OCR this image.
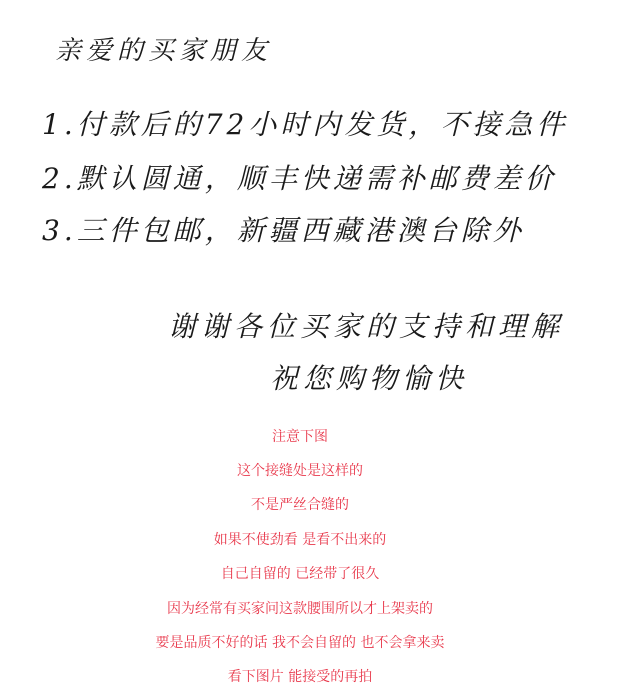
亲爱的买家朋友
1.付款后的72小时内发货，不接急件
2.默认圆通，顺丰快递需补邮费差价
3.三件包邮，新疆西藏港澳台除外
谢谢各位买家的支持和理解
祝您购物愉快
注意下图
这个接缝处是这样的
不是严丝合缝的
如果不使劲看 是看不出来的
自己自留的 已经带了很久
因为经常有买家问这款腰围所以才上架卖的
要是品质不好的话 我不会自留的 也不会拿来卖
看下图片 能接受的再拍
